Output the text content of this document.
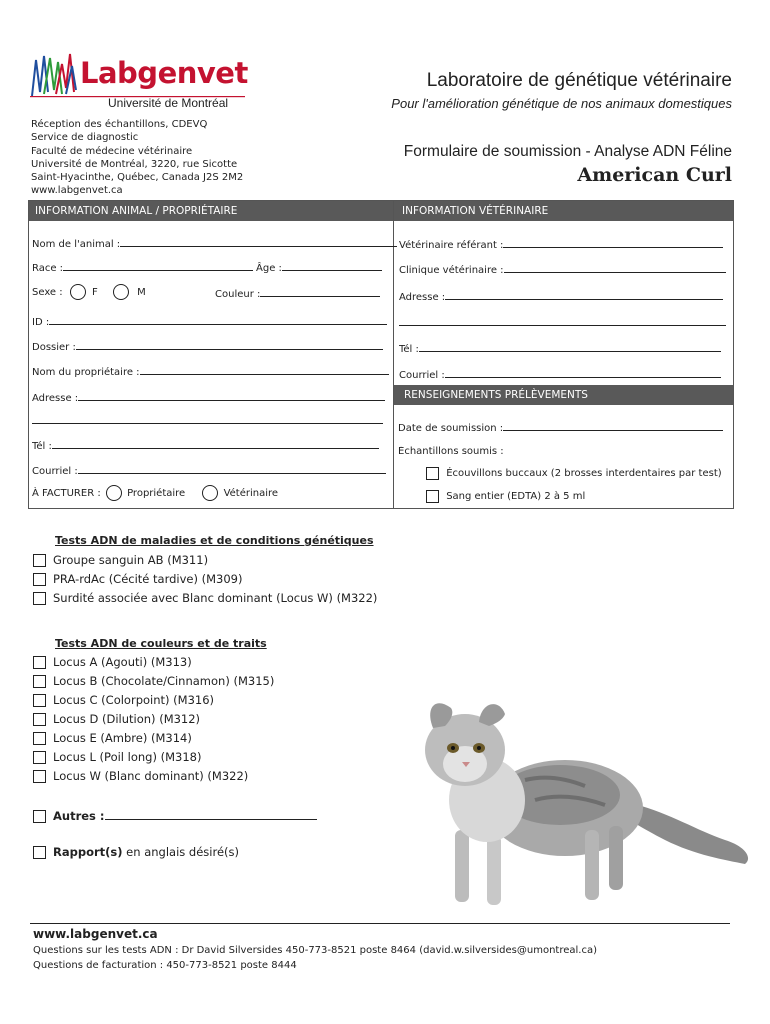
Labgenvet
Université de Montréal
Laboratoire de génétique vétérinaire
Pour l'amélioration génétique de nos animaux domestiques
Réception des échantillons, CDEVQ
Service de diagnostic
Faculté de médecine vétérinaire
Université de Montréal, 3220, rue Sicotte
Saint-Hyacinthe, Québec, Canada J2S 2M2
www.labgenvet.ca
Formulaire de soumission - Analyse ADN Féline
American Curl
INFORMATION ANIMAL / PROPRIÉTAIRE	INFORMATION VÉTÉRINAIRE
Nom de l'animal :
Race :	Âge :
Sexe :	F	M	Couleur :
ID :
Dossier :
Nom du propriétaire :
Adresse :
Tél :
Courriel :
À FACTURER :	Propriétaire	Vétérinaire
Vétérinaire référant :
Clinique vétérinaire :
Adresse :
Tél :
Courriel :
RENSEIGNEMENTS PRÉLÈVEMENTS
Date de soumission :
Échantillons soumis :
Écouvillons buccaux (2 brosses interdentaires par test)
Sang entier (EDTA) 2 à 5 ml
Tests ADN de maladies et de conditions génétiques
Groupe sanguin AB (M311)
PRA-rdAc (Cécité tardive) (M309)
Surdité associée avec Blanc dominant (Locus W) (M322)
Tests ADN de couleurs et de traits
Locus A (Agouti) (M313)
Locus B (Chocolate/Cinnamon) (M315)
Locus C (Colorpoint) (M316)
Locus D (Dilution) (M312)
Locus E (Ambre) (M314)
Locus L (Poil long) (M318)
Locus W (Blanc dominant) (M322)
Autres :
Rapport(s) en anglais désiré(s)
www.labgenvet.ca
Questions sur les tests ADN : Dr David Silversides 450-773-8521 poste 8464 (david.w.silversides@umontreal.ca)
Questions de facturation : 450-773-8521 poste 8444
